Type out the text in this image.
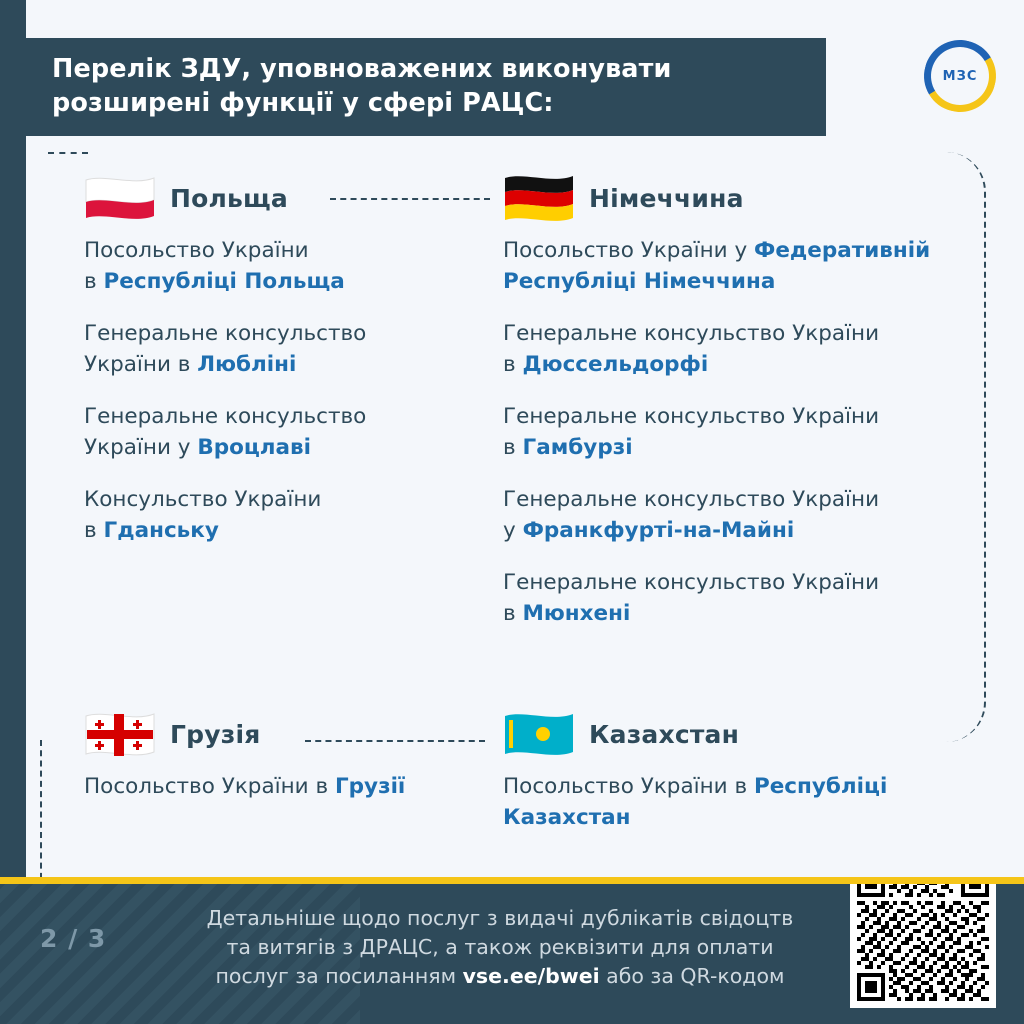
Перелік ЗДУ, уповноважених виконувати розширені функції у сфері РАЦС:
МЗС
Польща
Посольство України
в Республіці Польща
Генеральне консульство
України в Любліні
Генеральне консульство
України у Вроцлаві
Консульство України
в Гданську
Німеччина
Посольство України у Федеративній
Республіці Німеччина
Генеральне консульство України
в Дюссельдорфі
Генеральне консульство України
в Гамбурзі
Генеральне консульство України
у Франкфурті-на-Майні
Генеральне консульство України
в Мюнхені
Грузія
Посольство України в Грузії
Казахстан
Посольство України в Республіці
Казахстан
2 / 3
Детальніше щодо послуг з видачі дублікатів свідоцтв
та витягів з ДРАЦС, а також реквізити для оплати
послуг за посиланням vse.ee/bwei або за QR-кодом
